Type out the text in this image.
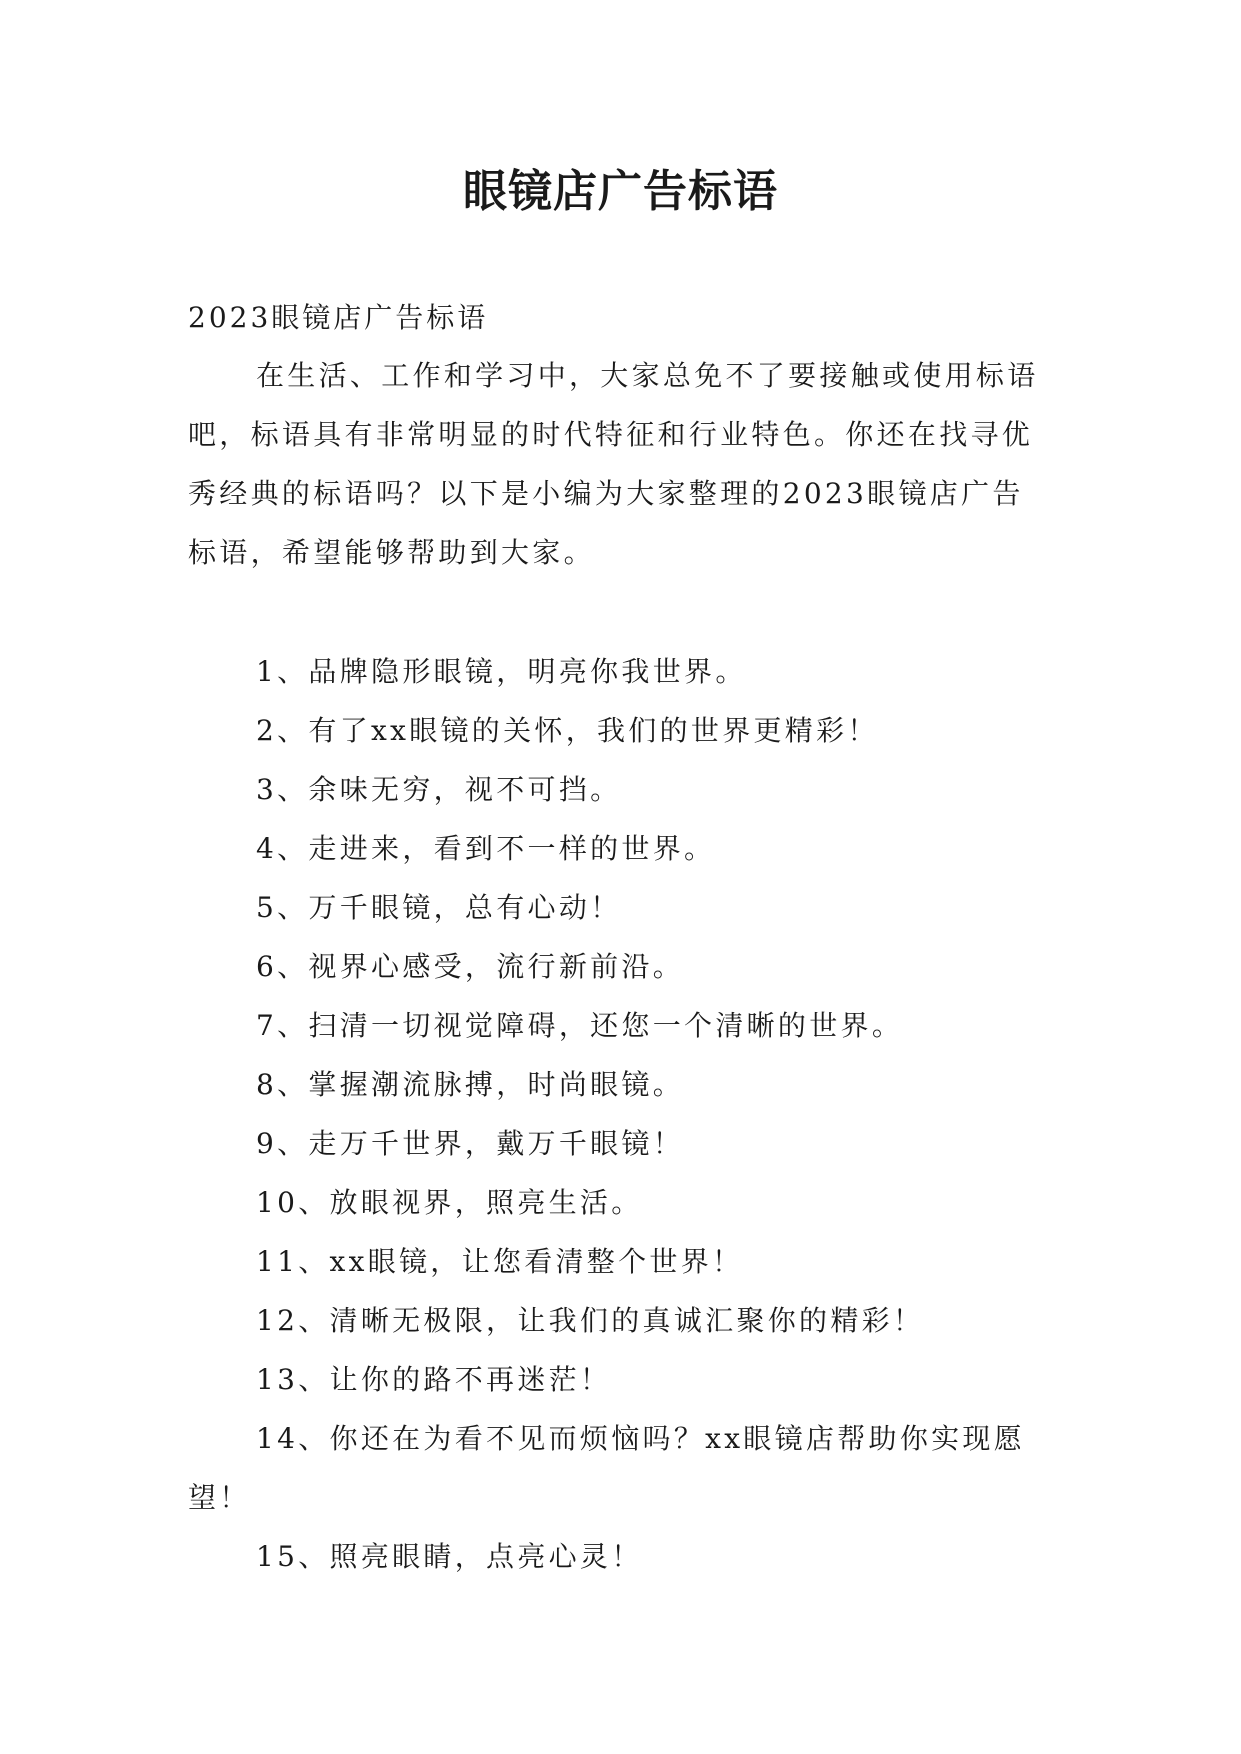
眼镜店广告标语

2023眼镜店广告标语

在生活、工作和学习中，大家总免不了要接触或使用标语吧，标语具有非常明显的时代特征和行业特色。你还在找寻优秀经典的标语吗？以下是小编为大家整理的2023眼镜店广告标语，希望能够帮助到大家。

1、品牌隐形眼镜，明亮你我世界。
2、有了xx眼镜的关怀，我们的世界更精彩！
3、余味无穷，视不可挡。
4、走进来，看到不一样的世界。
5、万千眼镜，总有心动！
6、视界心感受，流行新前沿。
7、扫清一切视觉障碍，还您一个清晰的世界。
8、掌握潮流脉搏，时尚眼镜。
9、走万千世界，戴万千眼镜！
10、放眼视界，照亮生活。
11、xx眼镜，让您看清整个世界！
12、清晰无极限，让我们的真诚汇聚你的精彩！
13、让你的路不再迷茫！
14、你还在为看不见而烦恼吗？xx眼镜店帮助你实现愿望！
15、照亮眼睛，点亮心灵！
